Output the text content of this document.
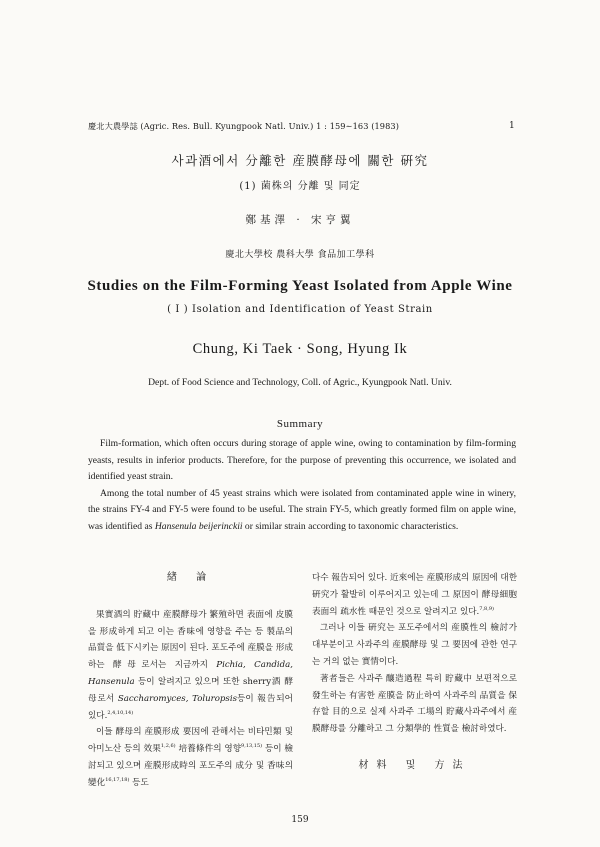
慶北大農學誌 (Agric. Res. Bull. Kyungpook Natl. Univ.) 1 : 159∼163 (1983)	1
사과酒에서 分離한 産膜酵母에 關한 硏究
(1) 菌株의 分離 및 同定
鄭基澤 · 宋亨翼
慶北大學校 農科大學 食品加工學科
Studies on the Film-Forming Yeast Isolated from Apple Wine
( I ) Isolation and Identification of Yeast Strain
Chung, Ki Taek · Song, Hyung Ik
Dept. of Food Science and Technology, Coll. of Agric., Kyungpook Natl. Univ.
Summary

Film-formation, which often occurs during storage of apple wine, owing to contamination by film-forming yeasts, results in inferior products. Therefore, for the purpose of preventing this occurrence, we isolated and identified yeast strain.

Among the total number of 45 yeast strains which were isolated from contaminated apple wine in winery, the strains FY-4 and FY-5 were found to be useful. The strain FY-5, which greatly formed film on apple wine, was identified as Hansenula beijerinckii or similar strain according to taxonomic characteristics.

緖 論

果實酒의 貯藏中 産膜酵母가 繁殖하면 表面에 皮膜을 形成하게 되고 이는 香味에 영향을 주는 등 製品의 品質을 低下시키는 原因이 된다. 포도주에 産膜을 形成하는 酵母로서는 지금까지 Pichia, Candida, Hansenula 등이 알려지고 있으며 또한 sherry酒 酵母로서 Saccharomyces, Toluropsis등이 報告되어 있다.$^{2,4,10,14)}$

이들 酵母의 産膜形成 要因에 관해서는 비타민類 및 아미노산 등의 效果$^{1,2,6)}$ 培養條件의 영향$^{9,13,15)}$ 등이 檢討되고 있으며 産膜形成時의 포도주의 成分 및 香味의 變化$^{16,17,18)}$ 등도

다수 報告되어 있다. 近來에는 産膜形成의 原因에 대한 硏究가 활발히 이루어지고 있는데 그 原因이 酵母細胞表面의 疏水性 때문인 것으로 알려지고 있다.$^{7,8,9)}$

그러나 이들 硏究는 포도주에서의 産膜性의 檢討가 대부분이고 사과주의 産膜酵母 및 그 要因에 관한 연구는 거의 없는 實情이다.

著者들은 사과주 釀造過程 특히 貯藏中 보편적으로 發生하는 有害한 産膜을 防止하여 사과주의 品質을 保存할 目的으로 실제 사과주 工場의 貯藏사과주에서 産膜酵母를 分離하고 그 分類學的 性質을 檢討하였다.

材料 및 方法
159
